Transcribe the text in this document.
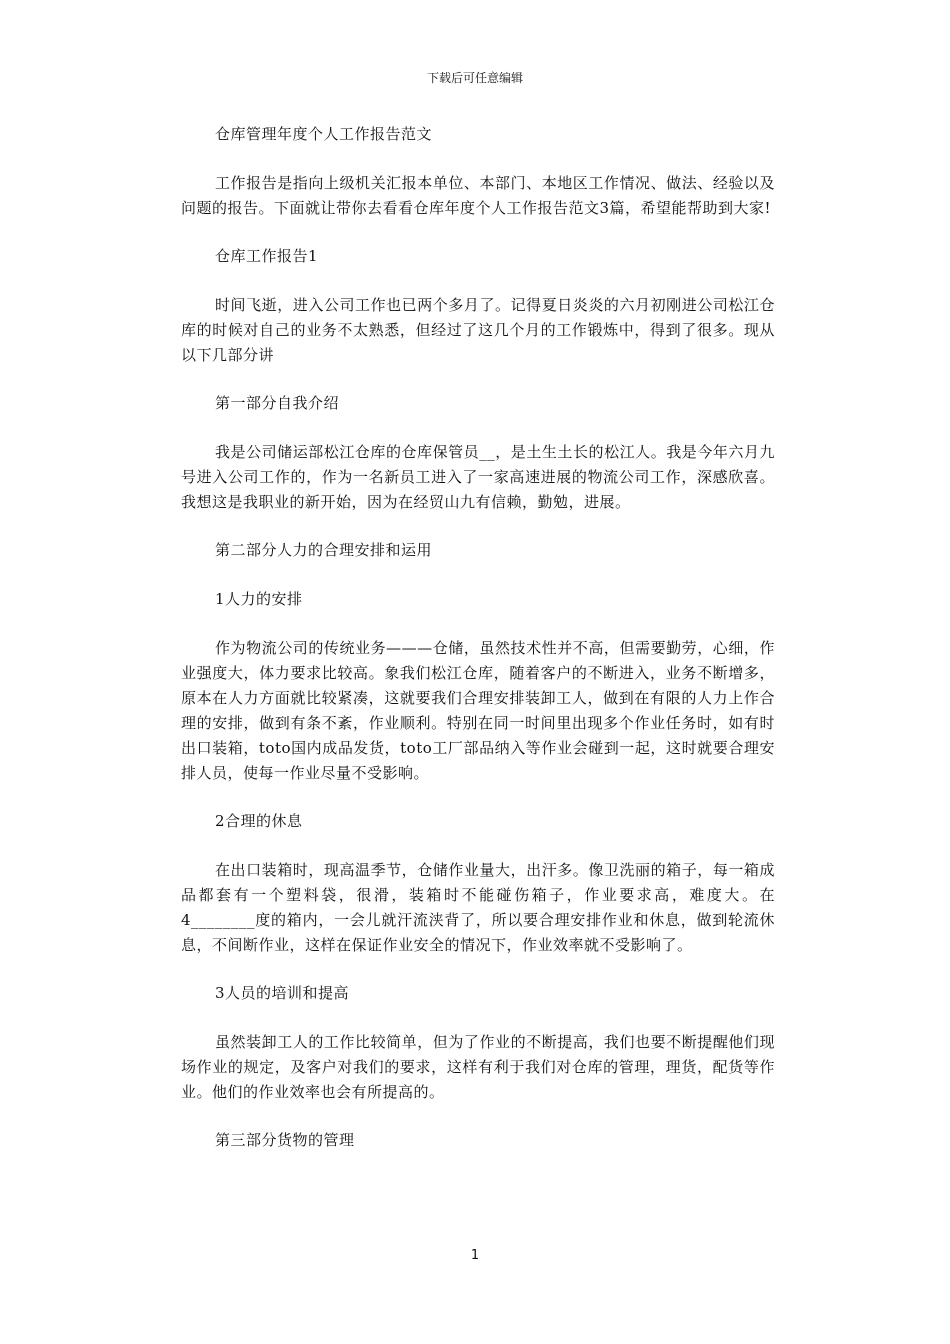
下载后可任意编辑

仓库管理年度个人工作报告范文

工作报告是指向上级机关汇报本单位、本部门、本地区工作情况、做法、经验以及问题的报告。下面就让带你去看看仓库年度个人工作报告范文3篇，希望能帮助到大家!

仓库工作报告1

时间飞逝，进入公司工作也已两个多月了。记得夏日炎炎的六月初刚进公司松江仓库的时候对自己的业务不太熟悉，但经过了这几个月的工作锻炼中，得到了很多。现从以下几部分讲

第一部分自我介绍

我是公司储运部松江仓库的仓库保管员__，是土生土长的松江人。我是今年六月九号进入公司工作的，作为一名新员工进入了一家高速进展的物流公司工作，深感欣喜。我想这是我职业的新开始，因为在经贸山九有信赖，勤勉，进展。

第二部分人力的合理安排和运用

1人力的安排

作为物流公司的传统业务———仓储，虽然技术性并不高，但需要勤劳，心细，作业强度大，体力要求比较高。象我们松江仓库，随着客户的不断进入，业务不断增多，原本在人力方面就比较紧凑，这就要我们合理安排装卸工人，做到在有限的人力上作合理的安排，做到有条不紊，作业顺利。特别在同一时间里出现多个作业任务时，如有时出口装箱，toto国内成品发货，toto工厂部品纳入等作业会碰到一起，这时就要合理安排人员，使每一作业尽量不受影响。

2合理的休息

在出口装箱时，现高温季节，仓储作业量大，出汗多。像卫洗丽的箱子，每一箱成品都套有一个塑料袋，很滑，装箱时不能碰伤箱子，作业要求高，难度大。在4________度的箱内，一会儿就汗流浃背了，所以要合理安排作业和休息，做到轮流休息，不间断作业，这样在保证作业安全的情况下，作业效率就不受影响了。

3人员的培训和提高

虽然装卸工人的工作比较简单，但为了作业的不断提高，我们也要不断提醒他们现场作业的规定，及客户对我们的要求，这样有利于我们对仓库的管理，理货，配货等作业。他们的作业效率也会有所提高的。

第三部分货物的管理

1
